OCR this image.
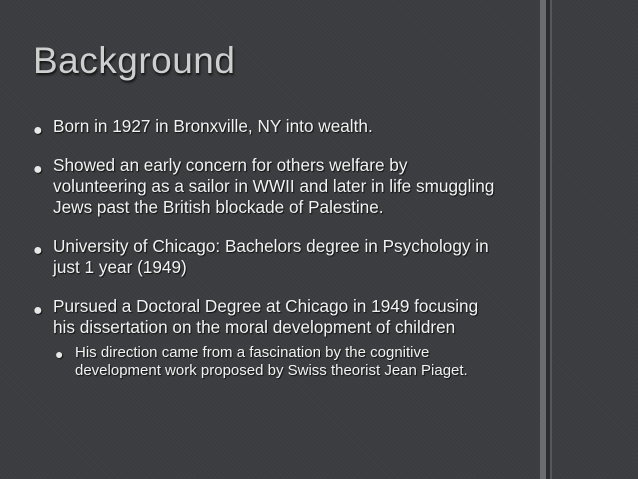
Background
● Born in 1927 in Bronxville, NY into wealth.
● Showed an early concern for others welfare by volunteering as a sailor in WWII and later in life smuggling Jews past the British blockade of Palestine.
● University of Chicago: Bachelors degree in Psychology in just 1 year (1949)
● Pursued a Doctoral Degree at Chicago in 1949 focusing his dissertation on the moral development of children
● His direction came from a fascination by the cognitive development work proposed by Swiss theorist Jean Piaget.
